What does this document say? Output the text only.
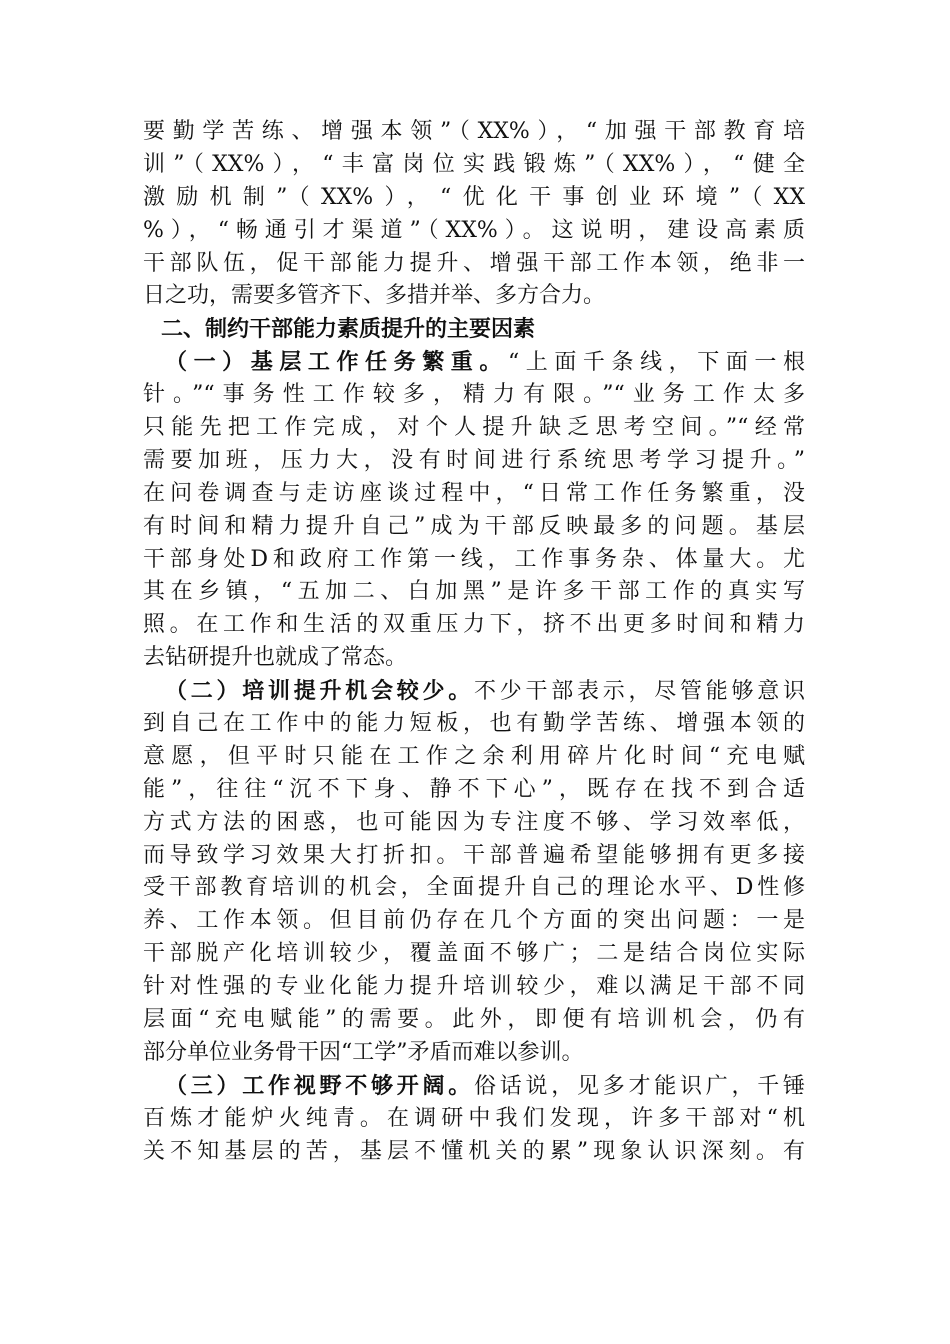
要勤学苦练、增强本领”（XX%），“加强干部教育培
训”（XX%），“丰富岗位实践锻炼”（XX%），“健全
激励机制”（XX%），“优化干事创业环境”（XX
%），“畅通引才渠道”（XX%）。这说明，建设高素质
干部队伍，促干部能力提升、增强干部工作本领，绝非一
日之功，需要多管齐下、多措并举、多方合力。
二、制约干部能力素质提升的主要因素
（一）基层工作任务繁重。“上面千条线，下面一根
针。”“事务性工作较多，精力有限。”“业务工作太多
只能先把工作完成，对个人提升缺乏思考空间。”“经常
需要加班，压力大，没有时间进行系统思考学习提升。”
在问卷调查与走访座谈过程中，“日常工作任务繁重，没
有时间和精力提升自己”成为干部反映最多的问题。基层
干部身处D和政府工作第一线，工作事务杂、体量大。尤
其在乡镇，“五加二、白加黑”是许多干部工作的真实写
照。在工作和生活的双重压力下，挤不出更多时间和精力
去钻研提升也就成了常态。
（二）培训提升机会较少。不少干部表示，尽管能够意识
到自己在工作中的能力短板，也有勤学苦练、增强本领的
意愿，但平时只能在工作之余利用碎片化时间“充电赋
能”，往往“沉不下身、静不下心”，既存在找不到合适
方式方法的困惑，也可能因为专注度不够、学习效率低，
而导致学习效果大打折扣。干部普遍希望能够拥有更多接
受干部教育培训的机会，全面提升自己的理论水平、D性修
养、工作本领。但目前仍存在几个方面的突出问题：一是
干部脱产化培训较少，覆盖面不够广；二是结合岗位实际
针对性强的专业化能力提升培训较少，难以满足干部不同
层面“充电赋能”的需要。此外，即便有培训机会，仍有
部分单位业务骨干因“工学”矛盾而难以参训。
（三）工作视野不够开阔。俗话说，见多才能识广，千锤
百炼才能炉火纯青。在调研中我们发现，许多干部对“机
关不知基层的苦，基层不懂机关的累”现象认识深刻。有
